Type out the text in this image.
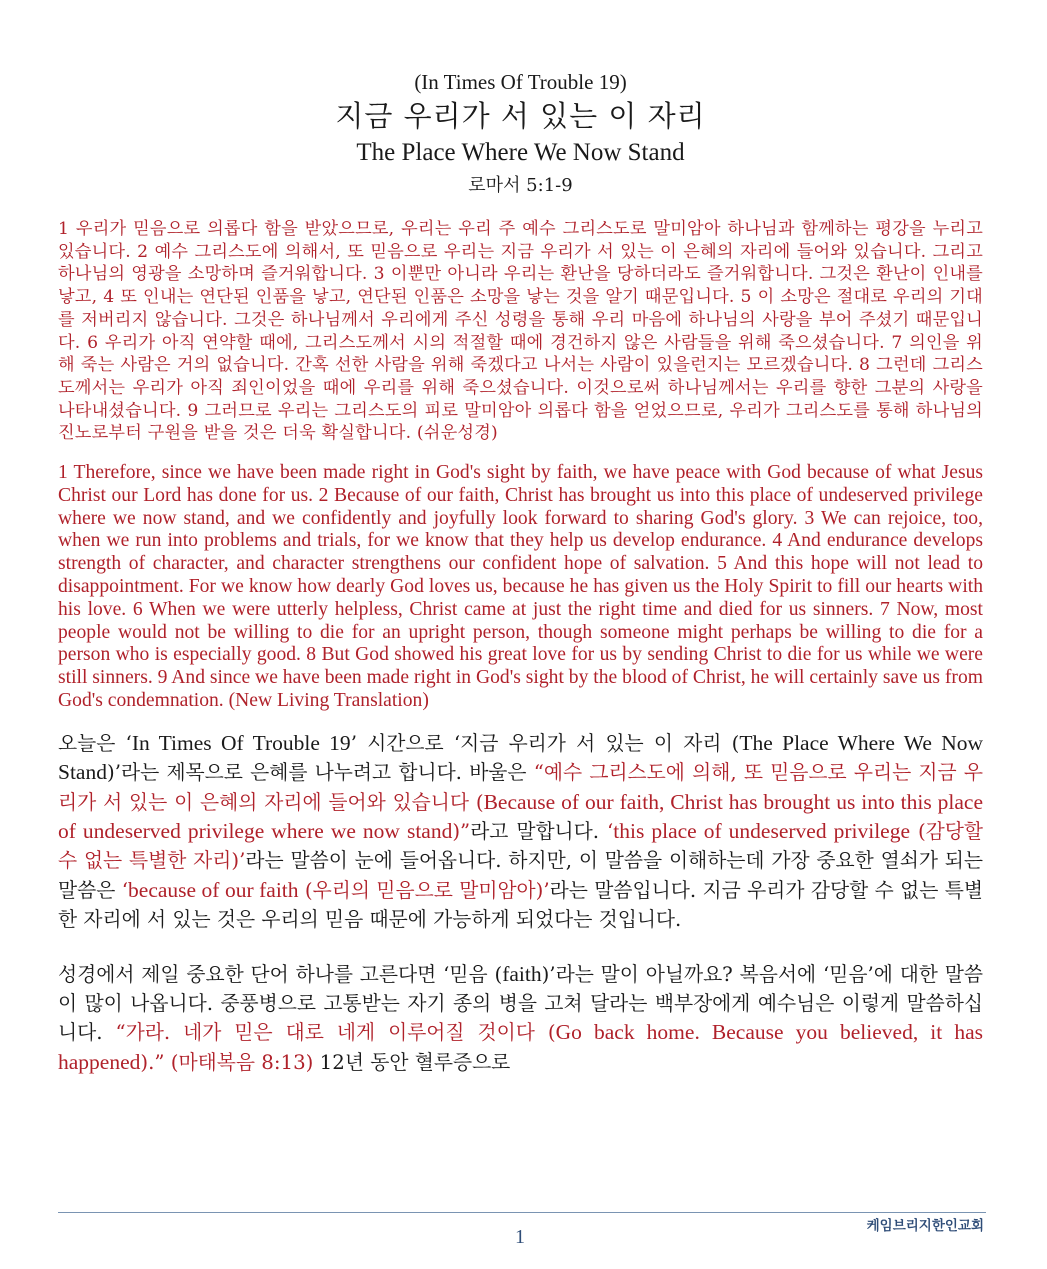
(In Times Of Trouble 19)
지금 우리가 서 있는 이 자리
The Place Where We Now Stand
로마서 5:1-9

1 우리가 믿음으로 의롭다 함을 받았으므로, 우리는 우리 주 예수 그리스도로 말미암아 하나님과 함께하는 평강을 누리고 있습니다. 2 예수 그리스도에 의해서, 또 믿음으로 우리는 지금 우리가 서 있는 이 은혜의 자리에 들어와 있습니다. 그리고 하나님의 영광을 소망하며 즐거워합니다. 3 이뿐만 아니라 우리는 환난을 당하더라도 즐거워합니다. 그것은 환난이 인내를 낳고, 4 또 인내는 연단된 인품을 낳고, 연단된 인품은 소망을 낳는 것을 알기 때문입니다. 5 이 소망은 절대로 우리의 기대를 저버리지 않습니다. 그것은 하나님께서 우리에게 주신 성령을 통해 우리 마음에 하나님의 사랑을 부어 주셨기 때문입니다. 6 우리가 아직 연약할 때에, 그리스도께서 시의 적절할 때에 경건하지 않은 사람들을 위해 죽으셨습니다. 7 의인을 위해 죽는 사람은 거의 없습니다. 간혹 선한 사람을 위해 죽겠다고 나서는 사람이 있을런지는 모르겠습니다. 8 그런데 그리스도께서는 우리가 아직 죄인이었을 때에 우리를 위해 죽으셨습니다. 이것으로써 하나님께서는 우리를 향한 그분의 사랑을 나타내셨습니다. 9 그러므로 우리는 그리스도의 피로 말미암아 의롭다 함을 얻었으므로, 우리가 그리스도를 통해 하나님의 진노로부터 구원을 받을 것은 더욱 확실합니다. (쉬운성경)

1 Therefore, since we have been made right in God's sight by faith, we have peace with God because of what Jesus Christ our Lord has done for us. 2 Because of our faith, Christ has brought us into this place of undeserved privilege where we now stand, and we confidently and joyfully look forward to sharing God's glory. 3 We can rejoice, too, when we run into problems and trials, for we know that they help us develop endurance. 4 And endurance develops strength of character, and character strengthens our confident hope of salvation. 5 And this hope will not lead to disappointment. For we know how dearly God loves us, because he has given us the Holy Spirit to fill our hearts with his love. 6 When we were utterly helpless, Christ came at just the right time and died for us sinners. 7 Now, most people would not be willing to die for an upright person, though someone might perhaps be willing to die for a person who is especially good. 8 But God showed his great love for us by sending Christ to die for us while we were still sinners. 9 And since we have been made right in God's sight by the blood of Christ, he will certainly save us from God's condemnation. (New Living Translation)

오늘은 ‘In Times Of Trouble 19’ 시간으로 ‘지금 우리가 서 있는 이 자리 (The Place Where We Now Stand)’라는 제목으로 은혜를 나누려고 합니다. 바울은 “예수 그리스도에 의해, 또 믿음으로 우리는 지금 우리가 서 있는 이 은혜의 자리에 들어와 있습니다 (Because of our faith, Christ has brought us into this place of undeserved privilege where we now stand)”라고 말합니다. ‘this place of undeserved privilege (감당할 수 없는 특별한 자리)’라는 말씀이 눈에 들어옵니다. 하지만, 이 말씀을 이해하는데 가장 중요한 열쇠가 되는 말씀은 ‘because of our faith (우리의 믿음으로 말미암아)’라는 말씀입니다. 지금 우리가 감당할 수 없는 특별한 자리에 서 있는 것은 우리의 믿음 때문에 가능하게 되었다는 것입니다.

성경에서 제일 중요한 단어 하나를 고른다면 ‘믿음 (faith)’라는 말이 아닐까요? 복음서에 ‘믿음’에 대한 말씀이 많이 나옵니다. 중풍병으로 고통받는 자기 종의 병을 고쳐 달라는 백부장에게 예수님은 이렇게 말씀하십니다. “가라. 네가 믿은 대로 네게 이루어질 것이다 (Go back home. Because you believed, it has happened).” (마태복음 8:13) 12년 동안 혈루증으로

1	케임브리지한인교회
